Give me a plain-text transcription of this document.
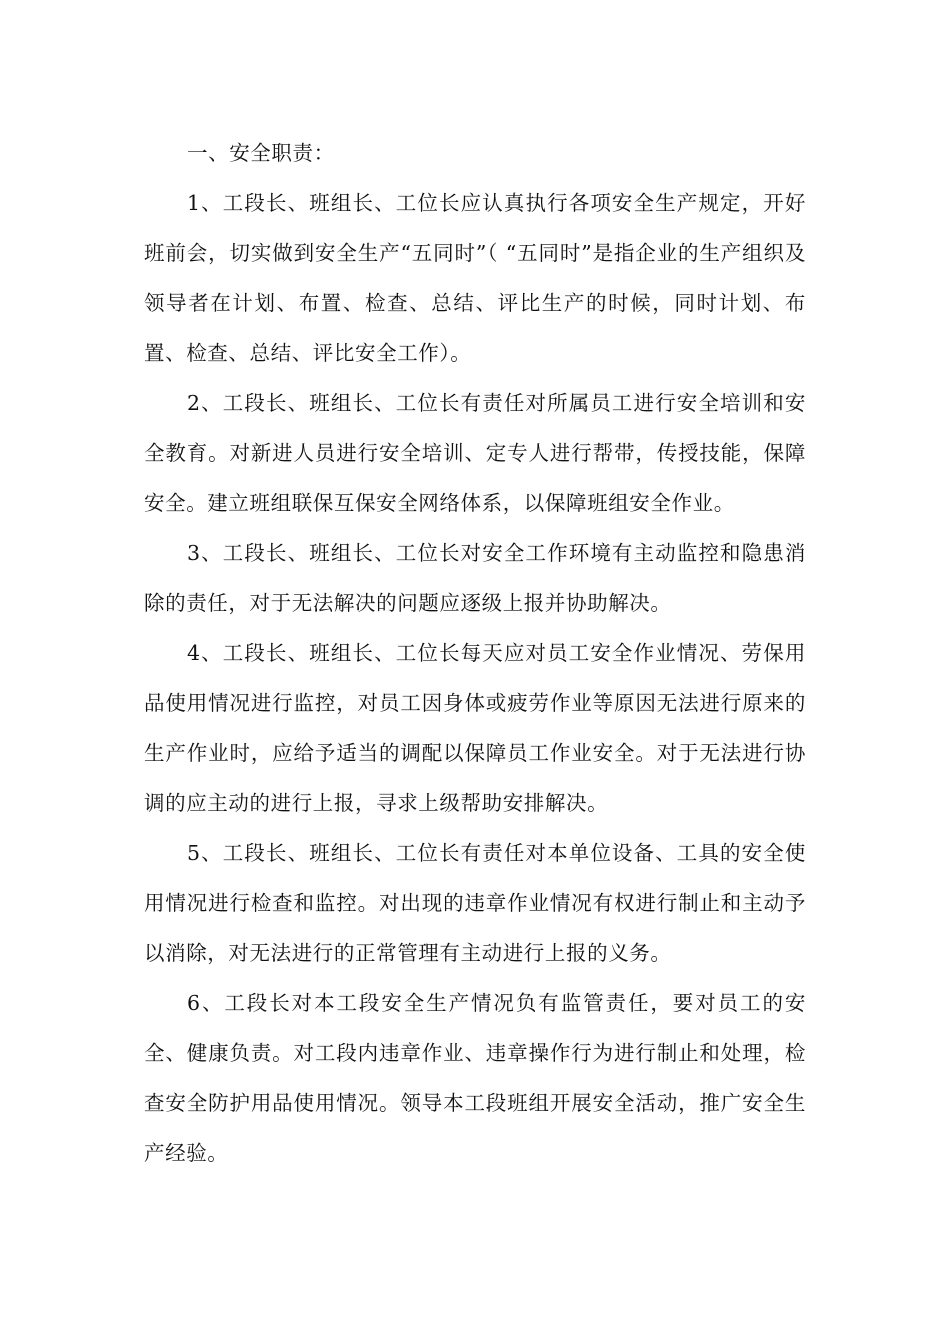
一、安全职责：

1、工段长、班组长、工位长应认真执行各项安全生产规定，开好班前会，切实做到安全生产“五同时”（ “五同时”是指企业的生产组织及领导者在计划、布置、检查、总结、评比生产的时候，同时计划、布置、检查、总结、评比安全工作）。

2、工段长、班组长、工位长有责任对所属员工进行安全培训和安全教育。对新进人员进行安全培训、定专人进行帮带，传授技能，保障安全。建立班组联保互保安全网络体系，以保障班组安全作业。

3、工段长、班组长、工位长对安全工作环境有主动监控和隐患消除的责任，对于无法解决的问题应逐级上报并协助解决。

4、工段长、班组长、工位长每天应对员工安全作业情况、劳保用品使用情况进行监控，对员工因身体或疲劳作业等原因无法进行原来的生产作业时，应给予适当的调配以保障员工作业安全。对于无法进行协调的应主动的进行上报，寻求上级帮助安排解决。

5、工段长、班组长、工位长有责任对本单位设备、工具的安全使用情况进行检查和监控。对出现的违章作业情况有权进行制止和主动予以消除，对无法进行的正常管理有主动进行上报的义务。

6、工段长对本工段安全生产情况负有监管责任，要对员工的安全、健康负责。对工段内违章作业、违章操作行为进行制止和处理，检查安全防护用品使用情况。领导本工段班组开展安全活动，推广安全生产经验。
